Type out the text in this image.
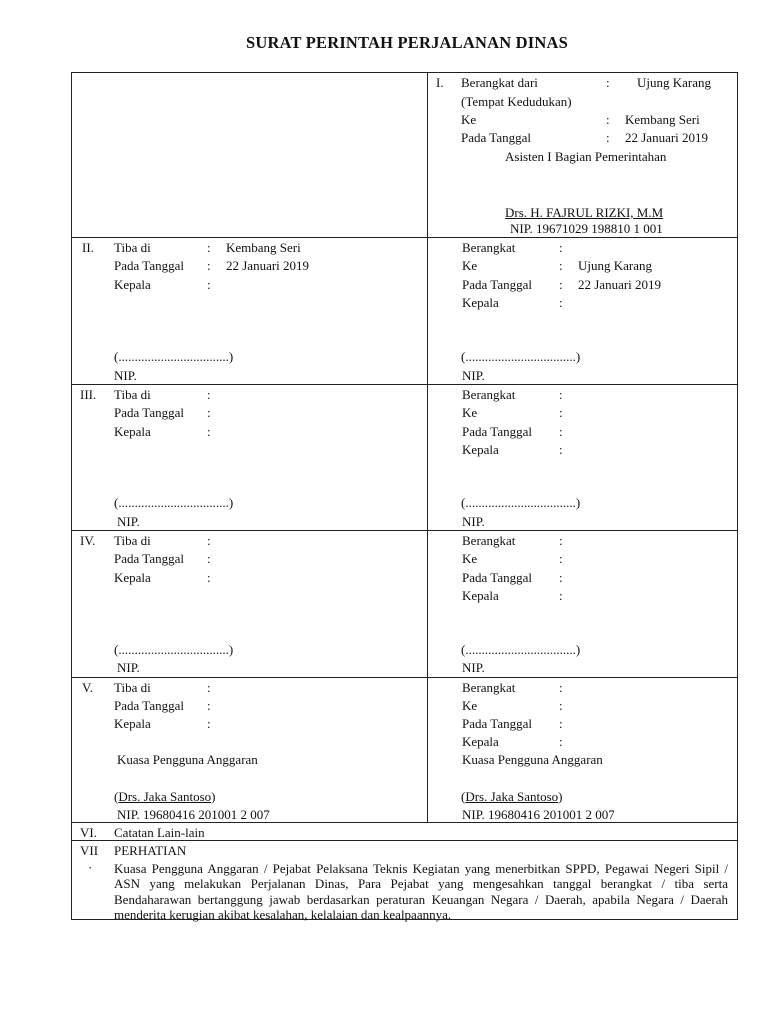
SURAT PERINTAH PERJALANAN DINAS
I. Berangkat dari	: Ujung Karang
(Tempat Kedudukan)
Ke	: Kembang Seri
Pada Tanggal	: 22 Januari 2019
Asisten I Bagian Pemerintahan
Drs. H. FAJRUL RIZKI, M.M
NIP. 19671029 198810 1 001
II. Tiba di	: Kembang Seri
Pada Tanggal : 22 Januari 2019
Kepala	:
(..................................)
NIP.
Berangkat	:
Ke	: Ujung Karang
Pada Tanggal : 22 Januari 2019
Kepala	:
(..................................)
NIP.
III. Tiba di	:
Pada Tanggal :
Kepala	:
(..................................)
NIP.
Berangkat	:
Ke	:
Pada Tanggal :
Kepala	:
(..................................)
NIP.
IV. Tiba di	:
Pada Tanggal :
Kepala	:
(..................................)
NIP.
Berangkat	:
Ke	:
Pada Tanggal :
Kepala	:
(..................................)
NIP.
V. Tiba di	:
Pada Tanggal :
Kepala	:
Kuasa Pengguna Anggaran
(Drs. Jaka Santoso)
NIP. 19680416 201001 2 007
Berangkat	:
Ke	:
Pada Tanggal :
Kepala	:
Kuasa Pengguna Anggaran
(Drs. Jaka Santoso)
NIP. 19680416 201001 2 007
VI. Catatan Lain-lain
VII PERHATIAN
· Kuasa Pengguna Anggaran / Pejabat Pelaksana Teknis Kegiatan yang menerbitkan SPPD, Pegawai Negeri Sipil / ASN yang melakukan Perjalanan Dinas, Para Pejabat yang mengesahkan tanggal berangkat / tiba serta Bendaharawan bertanggung jawab berdasarkan peraturan Keuangan Negara / Daerah, apabila Negara / Daerah menderita kerugian akibat kesalahan, kelalaian dan kealpaannya.
